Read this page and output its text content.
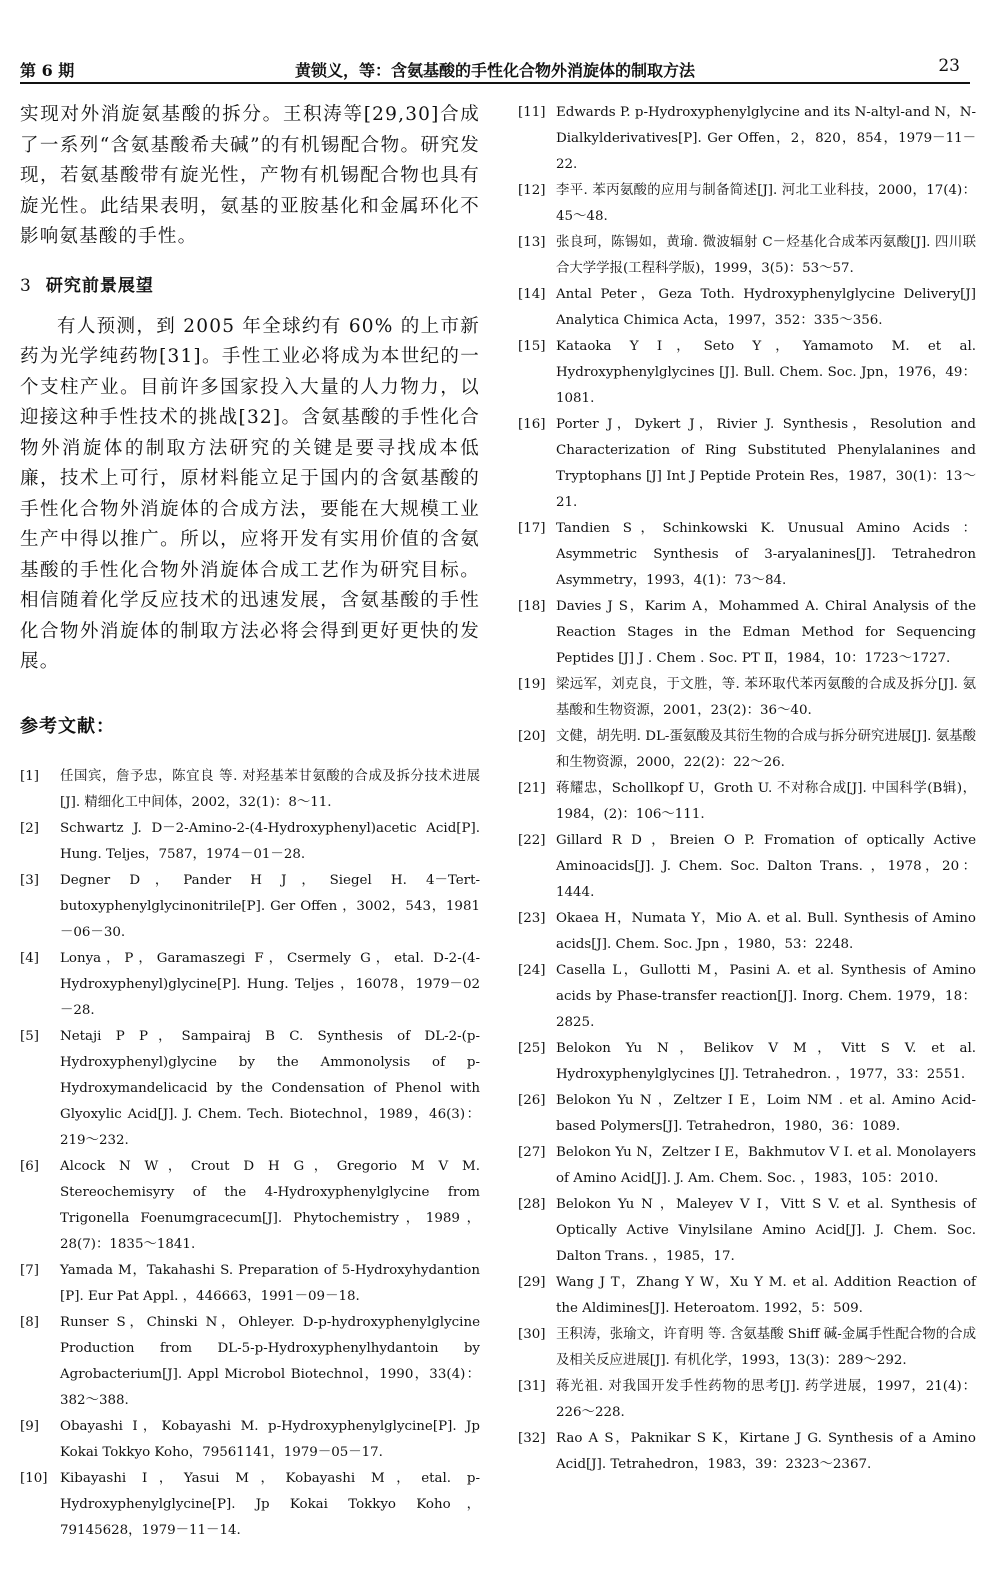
第 6 期	黄锁义，等：含氨基酸的手性化合物外消旋体的制取方法	23

实现对外消旋氨基酸的拆分。王积涛等[29,30]合成了一系列“含氨基酸希夫碱”的有机锡配合物。研究发现，若氨基酸带有旋光性，产物有机锡配合物也具有旋光性。此结果表明，氨基的亚胺基化和金属环化不影响氨基酸的手性。

3 研究前景展望

有人预测，到 2005 年全球约有 60% 的上市新药为光学纯药物[31]。手性工业必将成为本世纪的一个支柱产业。目前许多国家投入大量的人力物力，以迎接这种手性技术的挑战[32]。含氨基酸的手性化合物外消旋体的制取方法研究的关键是要寻找成本低廉，技术上可行，原材料能立足于国内的含氨基酸的手性化合物外消旋体的合成方法，要能在大规模工业生产中得以推广。所以，应将开发有实用价值的含氨基酸的手性化合物外消旋体合成工艺作为研究目标。相信随着化学反应技术的迅速发展，含氨基酸的手性化合物外消旋体的制取方法必将会得到更好更快的发展。

参考文献：
[1]	任国宾，詹予忠，陈宜良 等. 对羟基苯甘氨酸的合成及拆分技术进展[J]. 精细化工中间体，2002，32(1)：8～11.
[2]	Schwartz J. D－2-Amino-2-(4-Hydroxyphenyl)acetic Acid[P]. Hung. Teljes，7587，1974－01－28.
[3]	Degner D，Pander H J，Siegel H. 4－Tert-butoxyphenylglycinonitrile[P]. Ger Offen ，3002，543，1981－06－30.
[4]	Lonya，P，Garamaszegi F，Csermely G，etal. D-2-(4-Hydroxyphenyl)glycine[P]. Hung. Teljes ，16078，1979－02－28.
[5]	Netaji P P，Sampairaj B C. Synthesis of DL-2-(p-Hydroxyphenyl)glycine by the Ammonolysis of p-Hydroxymandelicacid by the Condensation of Phenol with Glyoxylic Acid[J]. J. Chem. Tech. Biotechnol，1989，46(3)：219～232.
[6]	Alcock N W，Crout D H G，Gregorio M V M. Stereochemisyry of the 4-Hydroxyphenylglycine from Trigonella Foenumgracecum[J]. Phytochemistry，1989，28(7)：1835～1841.
[7]	Yamada M，Takahashi S. Preparation of 5-Hydroxyhydantion [P]. Eur Pat Appl. ，446663，1991－09－18.
[8]	Runser S，Chinski N，Ohleyer. D-p-hydroxyphenylglycine Production from DL-5-p-Hydroxyphenylhydantoin by Agrobacterium[J]. Appl Microbol Biotechnol，1990，33(4)：382～388.
[9]	Obayashi I，Kobayashi M. p-Hydroxyphenylglycine[P]. Jp Kokai Tokkyo Koho，79561141，1979－05－17.
[10] Kibayashi I，Yasui M，Kobayashi M，etal. p-Hydroxyphenylglycine[P]. Jp Kokai Tokkyo Koho，79145628，1979－11－14.
[11] Edwards P. p-Hydroxyphenylglycine and its N-altyl-and N，N-Dialkylderivatives[P]. Ger Offen，2，820，854，1979－11－22.
[12] 李平. 苯丙氨酸的应用与制备简述[J]. 河北工业科技，2000，17(4)：45～48.
[13] 张良珂，陈锡如，黄瑜. 微波辐射 C－烃基化合成苯丙氨酸[J]. 四川联合大学学报(工程科学版)，1999，3(5)：53～57.
[14] Antal Peter，Geza Toth. Hydroxyphenylglycine Delivery[J] Analytica Chimica Acta，1997，352：335～356.
[15] Kataoka Y I，Seto Y，Yamamoto M. et al. Hydroxyphenylglycines [J]. Bull. Chem. Soc. Jpn，1976，49：1081.
[16] Porter J，Dykert J，Rivier J. Synthesis，Resolution and Characterization of Ring Substituted Phenylalanines and Tryptophans [J] Int J Peptide Protein Res，1987，30(1)：13～21.
[17] Tandien S，Schinkowski K. Unusual Amino Acids ：Asymmetric Synthesis of 3-aryalanines[J]. Tetrahedron Asymmetry，1993，4(1)：73～84.
[18] Davies J S，Karim A，Mohammed A. Chiral Analysis of the Reaction Stages in the Edman Method for Sequencing Peptides [J] J . Chem . Soc. PT Ⅱ，1984，10：1723～1727.
[19] 梁远军，刘克良，于文胜，等. 苯环取代苯丙氨酸的合成及拆分[J]. 氨基酸和生物资源，2001，23(2)：36～40.
[20] 文健，胡先明. DL-蛋氨酸及其衍生物的合成与拆分研究进展[J]. 氨基酸和生物资源，2000，22(2)：22～26.
[21] 蒋耀忠，Schollkopf U，Groth U. 不对称合成[J]. 中国科学(B辑)，1984，(2)：106～111.
[22] Gillard R D ，Breien O P. Fromation of optically Active Aminoacids[J]. J. Chem. Soc. Dalton Trans. ，1978，20：1444.
[23] Okaea H，Numata Y，Mio A. et al. Bull. Synthesis of Amino acids[J]. Chem. Soc. Jpn ，1980，53：2248.
[24] Casella L，Gullotti M，Pasini A. et al. Synthesis of Amino acids by Phase-transfer reaction[J]. Inorg. Chem. 1979，18：2825.
[25] Belokon Yu N，Belikov V M，Vitt S V. et al. Hydroxyphenylglycines [J]. Tetrahedron. ，1977，33：2551.
[26] Belokon Yu N ，Zeltzer I E，Loim NM . et al. Amino Acid-based Polymers[J]. Tetrahedron，1980，36：1089.
[27] Belokon Yu N，Zeltzer I E，Bakhmutov V I. et al. Monolayers of Amino Acid[J]. J. Am. Chem. Soc. ，1983，105：2010.
[28] Belokon Yu N ，Maleyev V I，Vitt S V. et al. Synthesis of Optically Active Vinylsilane Amino Acid[J]. J. Chem. Soc. Dalton Trans. ，1985，17.
[29] Wang J T，Zhang Y W，Xu Y M. et al. Addition Reaction of the Aldimines[J]. Heteroatom. 1992，5：509.
[30] 王积涛，张瑜文，许育明 等. 含氨基酸 Shiff 碱-金属手性配合物的合成及相关反应进展[J]. 有机化学，1993，13(3)：289～292.
[31] 蒋光祖. 对我国开发手性药物的思考[J]. 药学进展，1997，21(4)：226～228.
[32] Rao A S，Paknikar S K，Kirtane J G. Synthesis of a Amino Acid[J]. Tetrahedron，1983，39：2323～2367.
